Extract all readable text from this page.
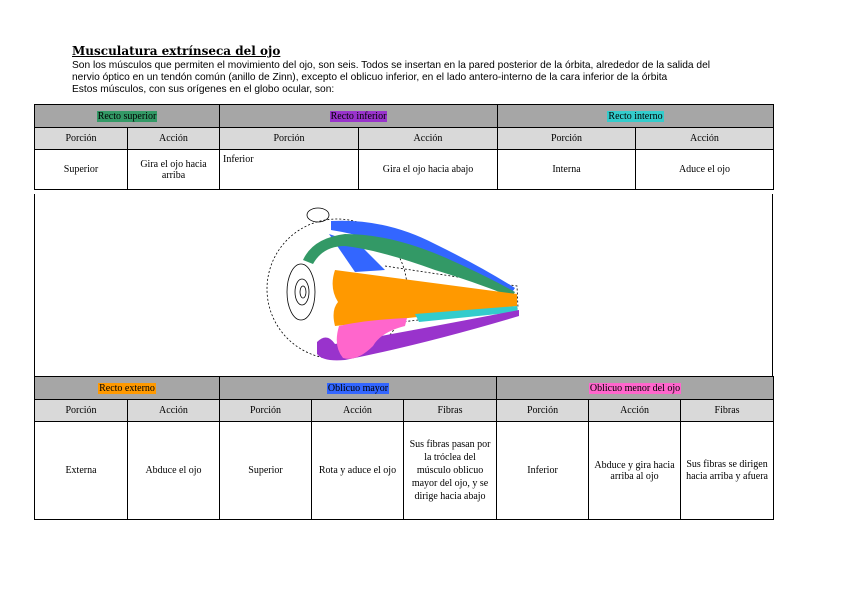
Musculatura extrínseca del ojo

Son los músculos que permiten el movimiento del ojo, son seis. Todos se insertan en la pared posterior de la órbita, alrededor de la salida del

nervio óptico en un tendón común (anillo de Zinn), excepto el oblicuo inferior, en el lado antero-interno de la cara inferior de la órbita

Estos músculos, con sus orígenes en el globo ocular, son:

Recto superior		Recto inferior		Recto interno	
Porción	Acción	Porción	Acción	Porción	Acción
Superior	Gira el ojo hacia arriba	Inferior	Gira el ojo hacia abajo	Interna	Aduce el ojo
Recto externo		Oblicuo mayor			Oblicuo menor del ojo		
Porción	Acción	Porción	Acción	Fibras	Porción	Acción	Fibras
Externa	Abduce el ojo	Superior	Rota y aduce el ojo	Sus fibras pasan por la tróclea del músculo oblicuo mayor del ojo, y se dirige hacia abajo	Inferior	Abduce y gira hacia arriba al ojo	Sus fibras se dirigen hacia arriba y afuera
